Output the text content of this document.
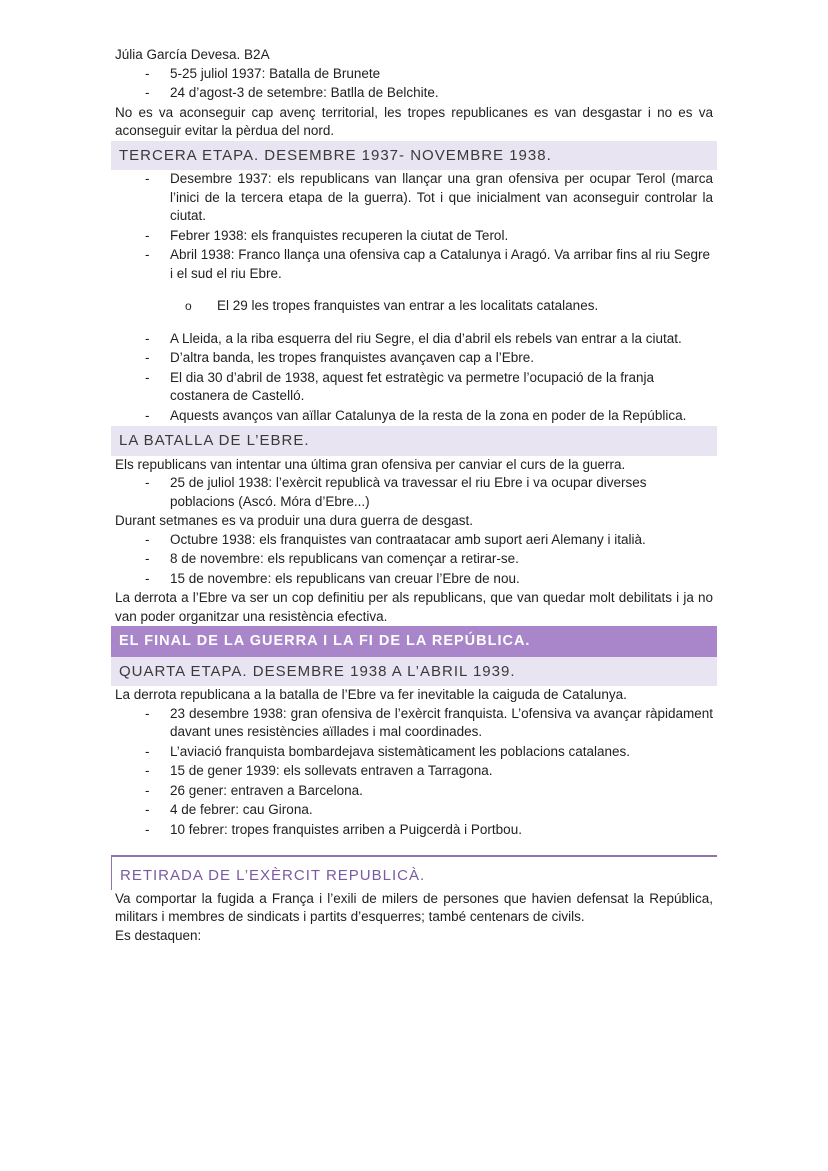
Júlia García Devesa. B2A
- 5-25 juliol 1937: Batalla de Brunete
- 24 d’agost-3 de setembre: Batlla de Belchite.

No es va aconseguir cap avenç territorial, les tropes republicanes es van desgastar i no es va aconseguir evitar la pèrdua del nord.

TERCERA ETAPA. DESEMBRE 1937- NOVEMBRE 1938.
- Desembre 1937: els republicans van llançar una gran ofensiva per ocupar Terol (marca l’inici de la tercera etapa de la guerra). Tot i que inicialment van aconseguir controlar la ciutat.
- Febrer 1938: els franquistes recuperen la ciutat de Terol.
- Abril 1938: Franco llança una ofensiva cap a Catalunya i Aragó. Va arribar fins al riu Segre i el sud el riu Ebre.
o El 29 les tropes franquistes van entrar a les localitats catalanes.
- A Lleida, a la riba esquerra del riu Segre, el dia d’abril els rebels van entrar a la ciutat.
- D’altra banda, les tropes franquistes avançaven cap a l’Ebre.
- El dia 30 d’abril de 1938, aquest fet estratègic va permetre l’ocupació de la franja costanera de Castelló.
- Aquests avanços van aïllar Catalunya de la resta de la zona en poder de la República.
LA BATALLA DE L’EBRE.

Els republicans van intentar una última gran ofensiva per canviar el curs de la guerra.

- 25 de juliol 1938: l’exèrcit republicà va travessar el riu Ebre i va ocupar diverses poblacions (Ascó. Móra d’Ebre...)

Durant setmanes es va produir una dura guerra de desgast.

- Octubre 1938: els franquistes van contraatacar amb suport aeri Alemany i italià.
- 8 de novembre: els republicans van començar a retirar-se.
- 15 de novembre: els republicans van creuar l’Ebre de nou.

La derrota a l’Ebre va ser un cop definitiu per als republicans, que van quedar molt debilitats i ja no van poder organitzar una resistència efectiva.

EL FINAL DE LA GUERRA I LA FI DE LA REPÚBLICA.
QUARTA ETAPA. DESEMBRE 1938 A L’ABRIL 1939.

La derrota republicana a la batalla de l’Ebre va fer inevitable la caiguda de Catalunya.

- 23 desembre 1938: gran ofensiva de l’exèrcit franquista. L’ofensiva va avançar ràpidament davant unes resistències aïllades i mal coordinades.
- L’aviació franquista bombardejava sistemàticament les poblacions catalanes.
- 15 de gener 1939: els sollevats entraven a Tarragona.
- 26 gener: entraven a Barcelona.
- 4 de febrer: cau Girona.
- 10 febrer: tropes franquistes arriben a Puigcerdà i Portbou.
RETIRADA DE L’EXÈRCIT REPUBLICÀ.

Va comportar la fugida a França i l’exili de milers de persones que havien defensat la República, militars i membres de sindicats i partits d’esquerres; també centenars de civils.

Es destaquen:
